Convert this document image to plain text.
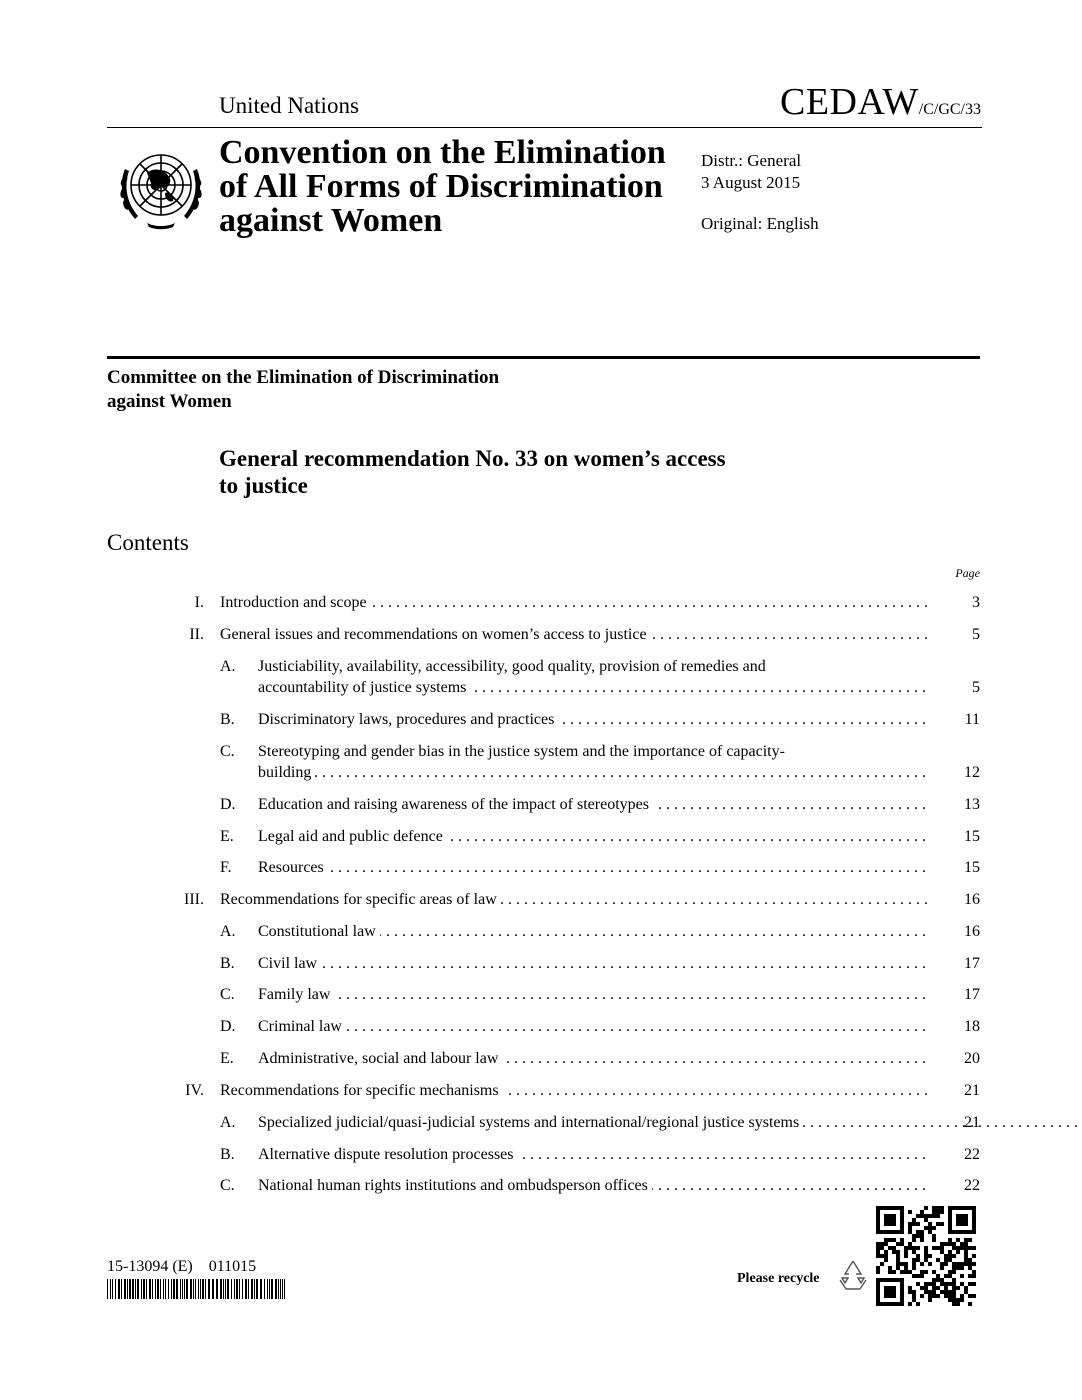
United Nations	CEDAW/C/GC/33
Convention on the Elimination
of All Forms of Discrimination
against Women
Distr.: General
3 August 2015
Original: English
Committee on the Elimination of Discrimination
against Women
General recommendation No. 33 on women’s access
to justice
Contents
Page
I. Introduction and scope . . .	3
II. General issues and recommendations on women’s access to justice . . .	5
A. Justiciability, availability, accessibility, good quality, provision of remedies and
accountability of justice systems . . .	5
B. Discriminatory laws, procedures and practices . . .	11
C. Stereotyping and gender bias in the justice system and the importance of capacity-
building . . .	12
D. Education and raising awareness of the impact of stereotypes . . .	13
E. Legal aid and public defence . . .	15
F. Resources . . .	15
III. Recommendations for specific areas of law . . .	16
A. Constitutional law . . .	16
B. Civil law . . .	17
C. Family law . . .	17
D. Criminal law . . .	18
E. Administrative, social and labour law . . .	20
IV. Recommendations for specific mechanisms . . .	21
A. Specialized judicial/quasi-judicial systems and international/regional justice systems . . .	21
B. Alternative dispute resolution processes . . .	22
C. National human rights institutions and ombudsperson offices . . .	22
15-13094 (E)    011015
Please recycle
